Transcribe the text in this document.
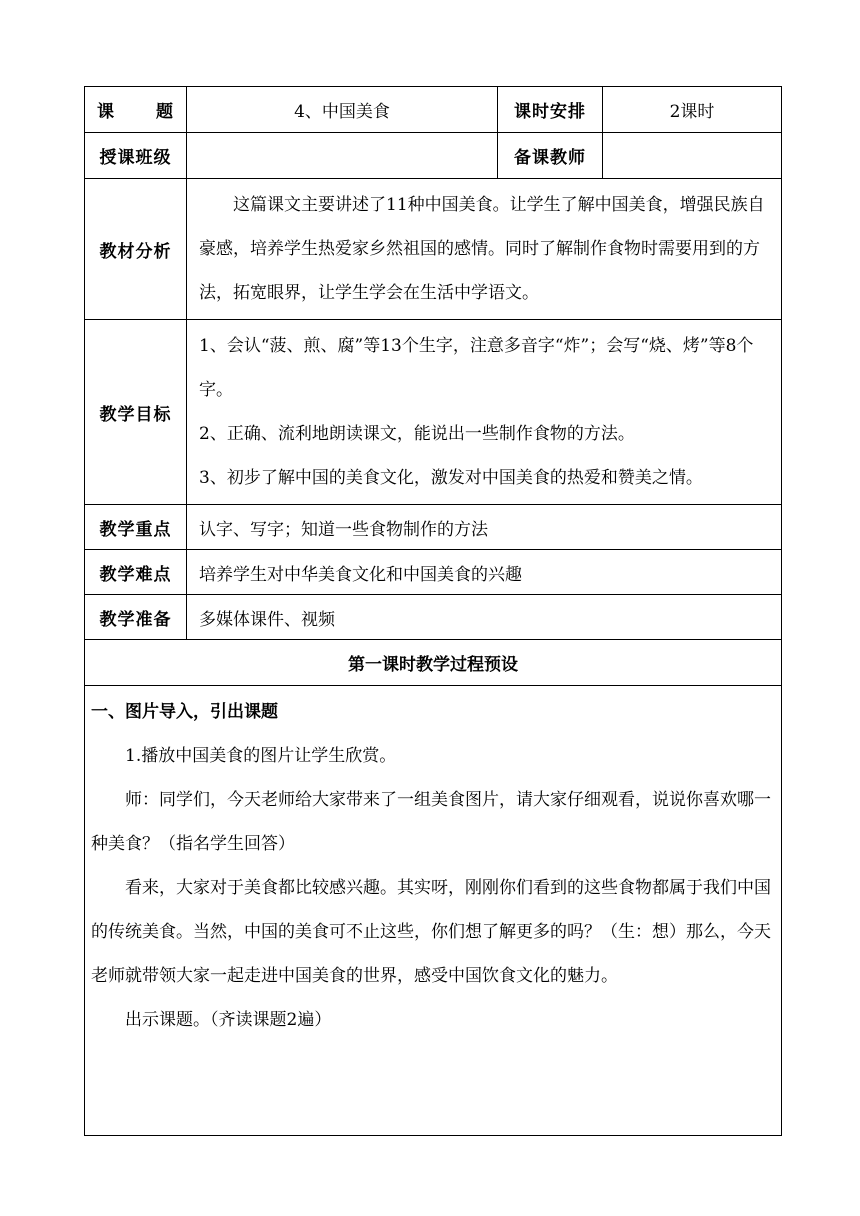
课 题	4、中国美食	课时安排	2课时
授课班级		备课教师	
教材分析	这篇课文主要讲述了11种中国美食。让学生了解中国美食，增强民族自豪感，培养学生热爱家乡然祖国的感情。同时了解制作食物时需要用到的方法，拓宽眼界，让学生学会在生活中学语文。		

教学目标	1、会认“菠、煎、腐”等13个生字，注意多音字“炸”；会写“烧、烤”等8个字。

2、正确、流利地朗读课文，能说出一些制作食物的方法。

3、初步了解中国的美食文化，激发对中国美食的热爱和赞美之情。		

教学重点	认字、写字；知道一些食物制作的方法		
教学难点	培养学生对中华美食文化和中国美食的兴趣		
教学准备	多媒体课件、视频		
第一课时教学过程预设			

一、图片导入，引出课题

1.播放中国美食的图片让学生欣赏。

师：同学们，今天老师给大家带来了一组美食图片，请大家仔细观看，说说你喜欢哪一种美食？（指名学生回答）

看来，大家对于美食都比较感兴趣。其实呀，刚刚你们看到的这些食物都属于我们中国的传统美食。当然，中国的美食可不止这些，你们想了解更多的吗？（生：想）那么，今天老师就带领大家一起走进中国美食的世界，感受中国饮食文化的魅力。

出示课题。（齐读课题2遍）			
